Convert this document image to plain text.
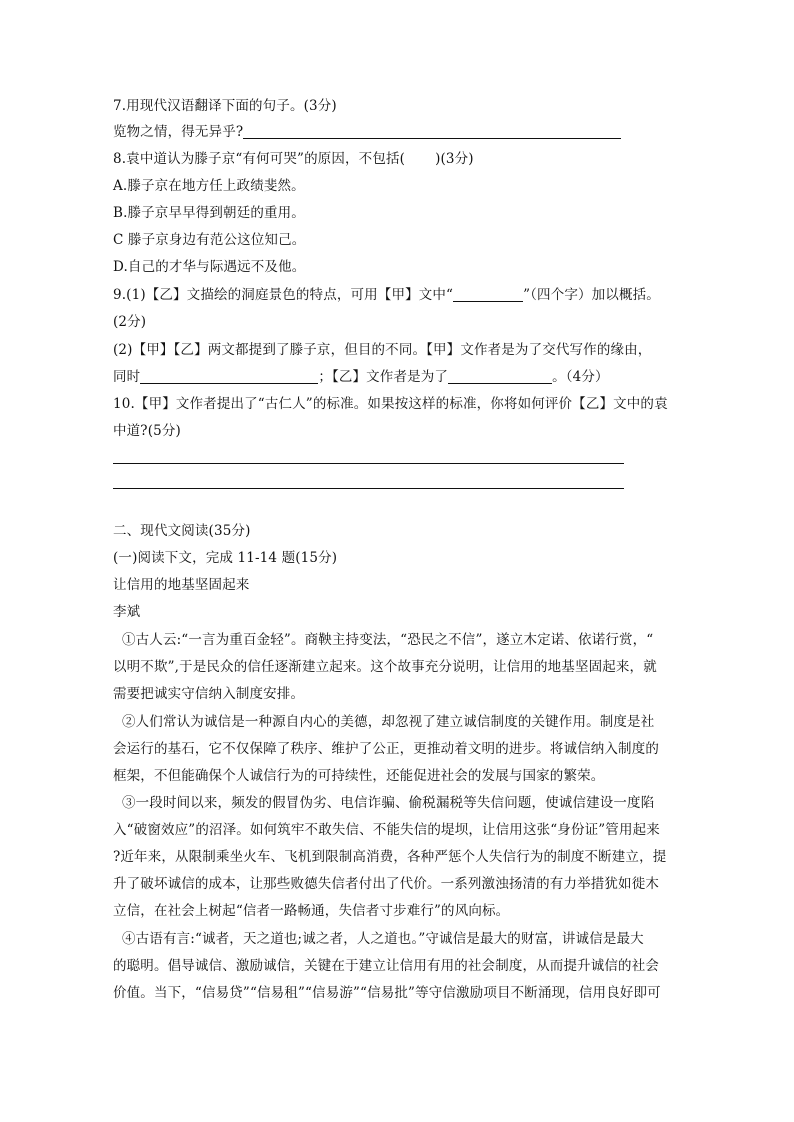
7.用现代汉语翻译下面的句子。(3分)
览物之情，得无异乎?
8.袁中道认为滕子京“有何可哭”的原因，不包括( )(3分)
A.滕子京在地方任上政绩斐然。
B.滕子京早早得到朝廷的重用。
C 滕子京身边有范公这位知己。
D.自己的才华与际遇远不及他。
9.(1)【乙】文描绘的洞庭景色的特点，可用【甲】文中“	”（四个字）加以概括。
(2分)
(2)【甲】【乙】两文都提到了滕子京，但目的不同。【甲】文作者是为了交代写作的缘由，
同时	；【乙】文作者是为了	。（4分）
10.【甲】文作者提出了“古仁人”的标准。如果按这样的标准，你将如何评价【乙】文中的袁
中道?(5分)
二、现代文阅读(35分)
(一)阅读下文，完成 11-14 题(15分)
让信用的地基坚固起来
李斌
①古人云:“一言为重百金轻”。商鞅主持变法，“恐民之不信”，遂立木定诺、依诺行赏，“
以明不欺”,于是民众的信任逐渐建立起来。这个故事充分说明，让信用的地基坚固起来，就
需要把诚实守信纳入制度安排。
②人们常认为诚信是一种源自内心的美德，却忽视了建立诚信制度的关键作用。制度是社
会运行的基石，它不仅保障了秩序、维护了公正，更推动着文明的进步。将诚信纳入制度的
框架，不但能确保个人诚信行为的可持续性，还能促进社会的发展与国家的繁荣。
③一段时间以来，频发的假冒伪劣、电信诈骗、偷税漏税等失信问题，使诚信建设一度陷
入“破窗效应”的沼泽。如何筑牢不敢失信、不能失信的堤坝，让信用这张“身份证”管用起来
?近年来，从限制乘坐火车、飞机到限制高消费，各种严惩个人失信行为的制度不断建立，提
升了破坏诚信的成本，让那些败德失信者付出了代价。一系列激浊扬清的有力举措犹如徙木
立信，在社会上树起“信者一路畅通，失信者寸步难行”的风向标。
④古语有言:“诚者，天之道也;诚之者，人之道也。”守诚信是最大的财富，讲诚信是最大
的聪明。倡导诚信、激励诚信，关键在于建立让信用有用的社会制度，从而提升诚信的社会
价值。当下，“信易贷”“信易租”“信易游”“信易批”等守信激励项目不断涌现，信用良好即可
